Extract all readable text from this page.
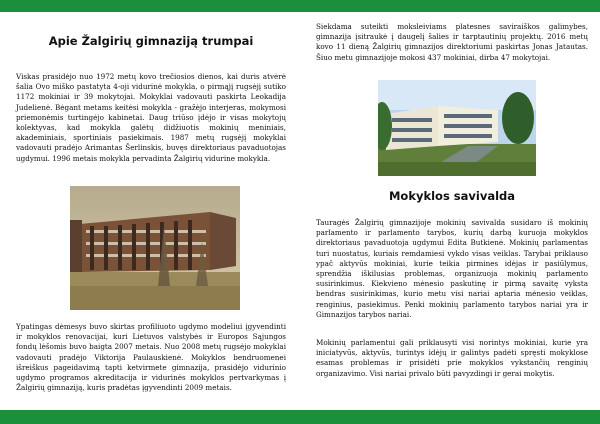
Apie Žalgirių gimnaziją trumpai

Viskas prasidėjo nuo 1972 metų kovo trečiosios dienos, kai duris atvėrė šalia Ovo miško pastatyta 4-oji vidurinė mokykla, o pirmąjį rugsėjį sutiko 1172 mokiniai ir 39 mokytojai. Mokyklai vadovauti paskirta Leokadija Judelienė. Bėgant metams keitėsi mokykla - gražėjo interjeras, mokymosi priemonėmis turtingėjo kabinetai. Daug triūso įdėjo ir visas mokytojų kolektyvas, kad mokykla galėtų didžiuotis mokinių meniniais, akademiniais, sportiniais pasiekimais. 1987 metų rugsėjį mokyklai vadovauti pradėjo Arimantas Šerlinskis, buvęs direktoriaus pavaduotojas ugdymui. 1996 metais mokykla pervadinta Žalgirių vidurine mokykla.

Ypatingas dėmesys buvo skirtas profiliuoto ugdymo modeliui įgyvendinti ir mokyklos renovacijai, kuri Lietuvos valstybės ir Europos Sąjungos fondų lėšomis buvo baigta 2007 metais. Nuo 2008 metų rugsėjo mokyklai vadovauti pradėjo Viktorija Paulauskienė. Mokyklos bendruomenei išreiškus pageidavimą tapti ketvirmete gimnazija, prasidėjo vidurinio ugdymo programos akreditacija ir vidurinės mokyklos pertvarkymas į Žalgirių gimnaziją, kuris pradėtas įgyvendinti 2009 metais.

Siekdama suteikti moksleiviams platesnes saviraiškos galimybes, gimnazija įsitraukė į daugelį šalies ir tarptautinių projektų. 2016 metų kovo 11 dieną Žalgirių gimnazijos direktoriumi paskirtas Jonas Jatautas. Šiuo metu gimnazijoje mokosi 437 mokiniai, dirba 47 mokytojai.

Mokyklos savivalda

Tauragės Žalgirių gimnazijoje mokinių savivalda susidaro iš mokinių parlamento ir parlamento tarybos, kurių darbą kuruoja mokyklos direktoriaus pavaduotoja ugdymui Edita Butkienė. Mokinių parlamentas turi nuostatus, kuriais remdamiesi vykdo visas veiklas. Tarybai priklauso ypač aktyvūs mokiniai, kurie teikia pirmines idėjas ir pasiūlymus, sprendžia iškilusias problemas, organizuoja mokinių parlamento susirinkimus. Kiekvieno mėnesio paskutinę ir pirmą savaitę vyksta bendras susirinkimas, kurio metu visi nariai aptaria mėnesio veiklas, renginius, pasiekimus. Penki mokinių parlamento tarybos nariai yra ir Gimnazijos tarybos nariai.

Mokinių parlamentui gali priklausyti visi norintys mokiniai, kurie yra iniciatyvūs, aktyvūs, turintys idėjų ir galintys padėti spręsti mokyklose esamas problemas ir prisidėti prie mokyklos vykstančių renginių organizavimo. Visi nariai privalo būti pavyzdingi ir gerai mokytis.
